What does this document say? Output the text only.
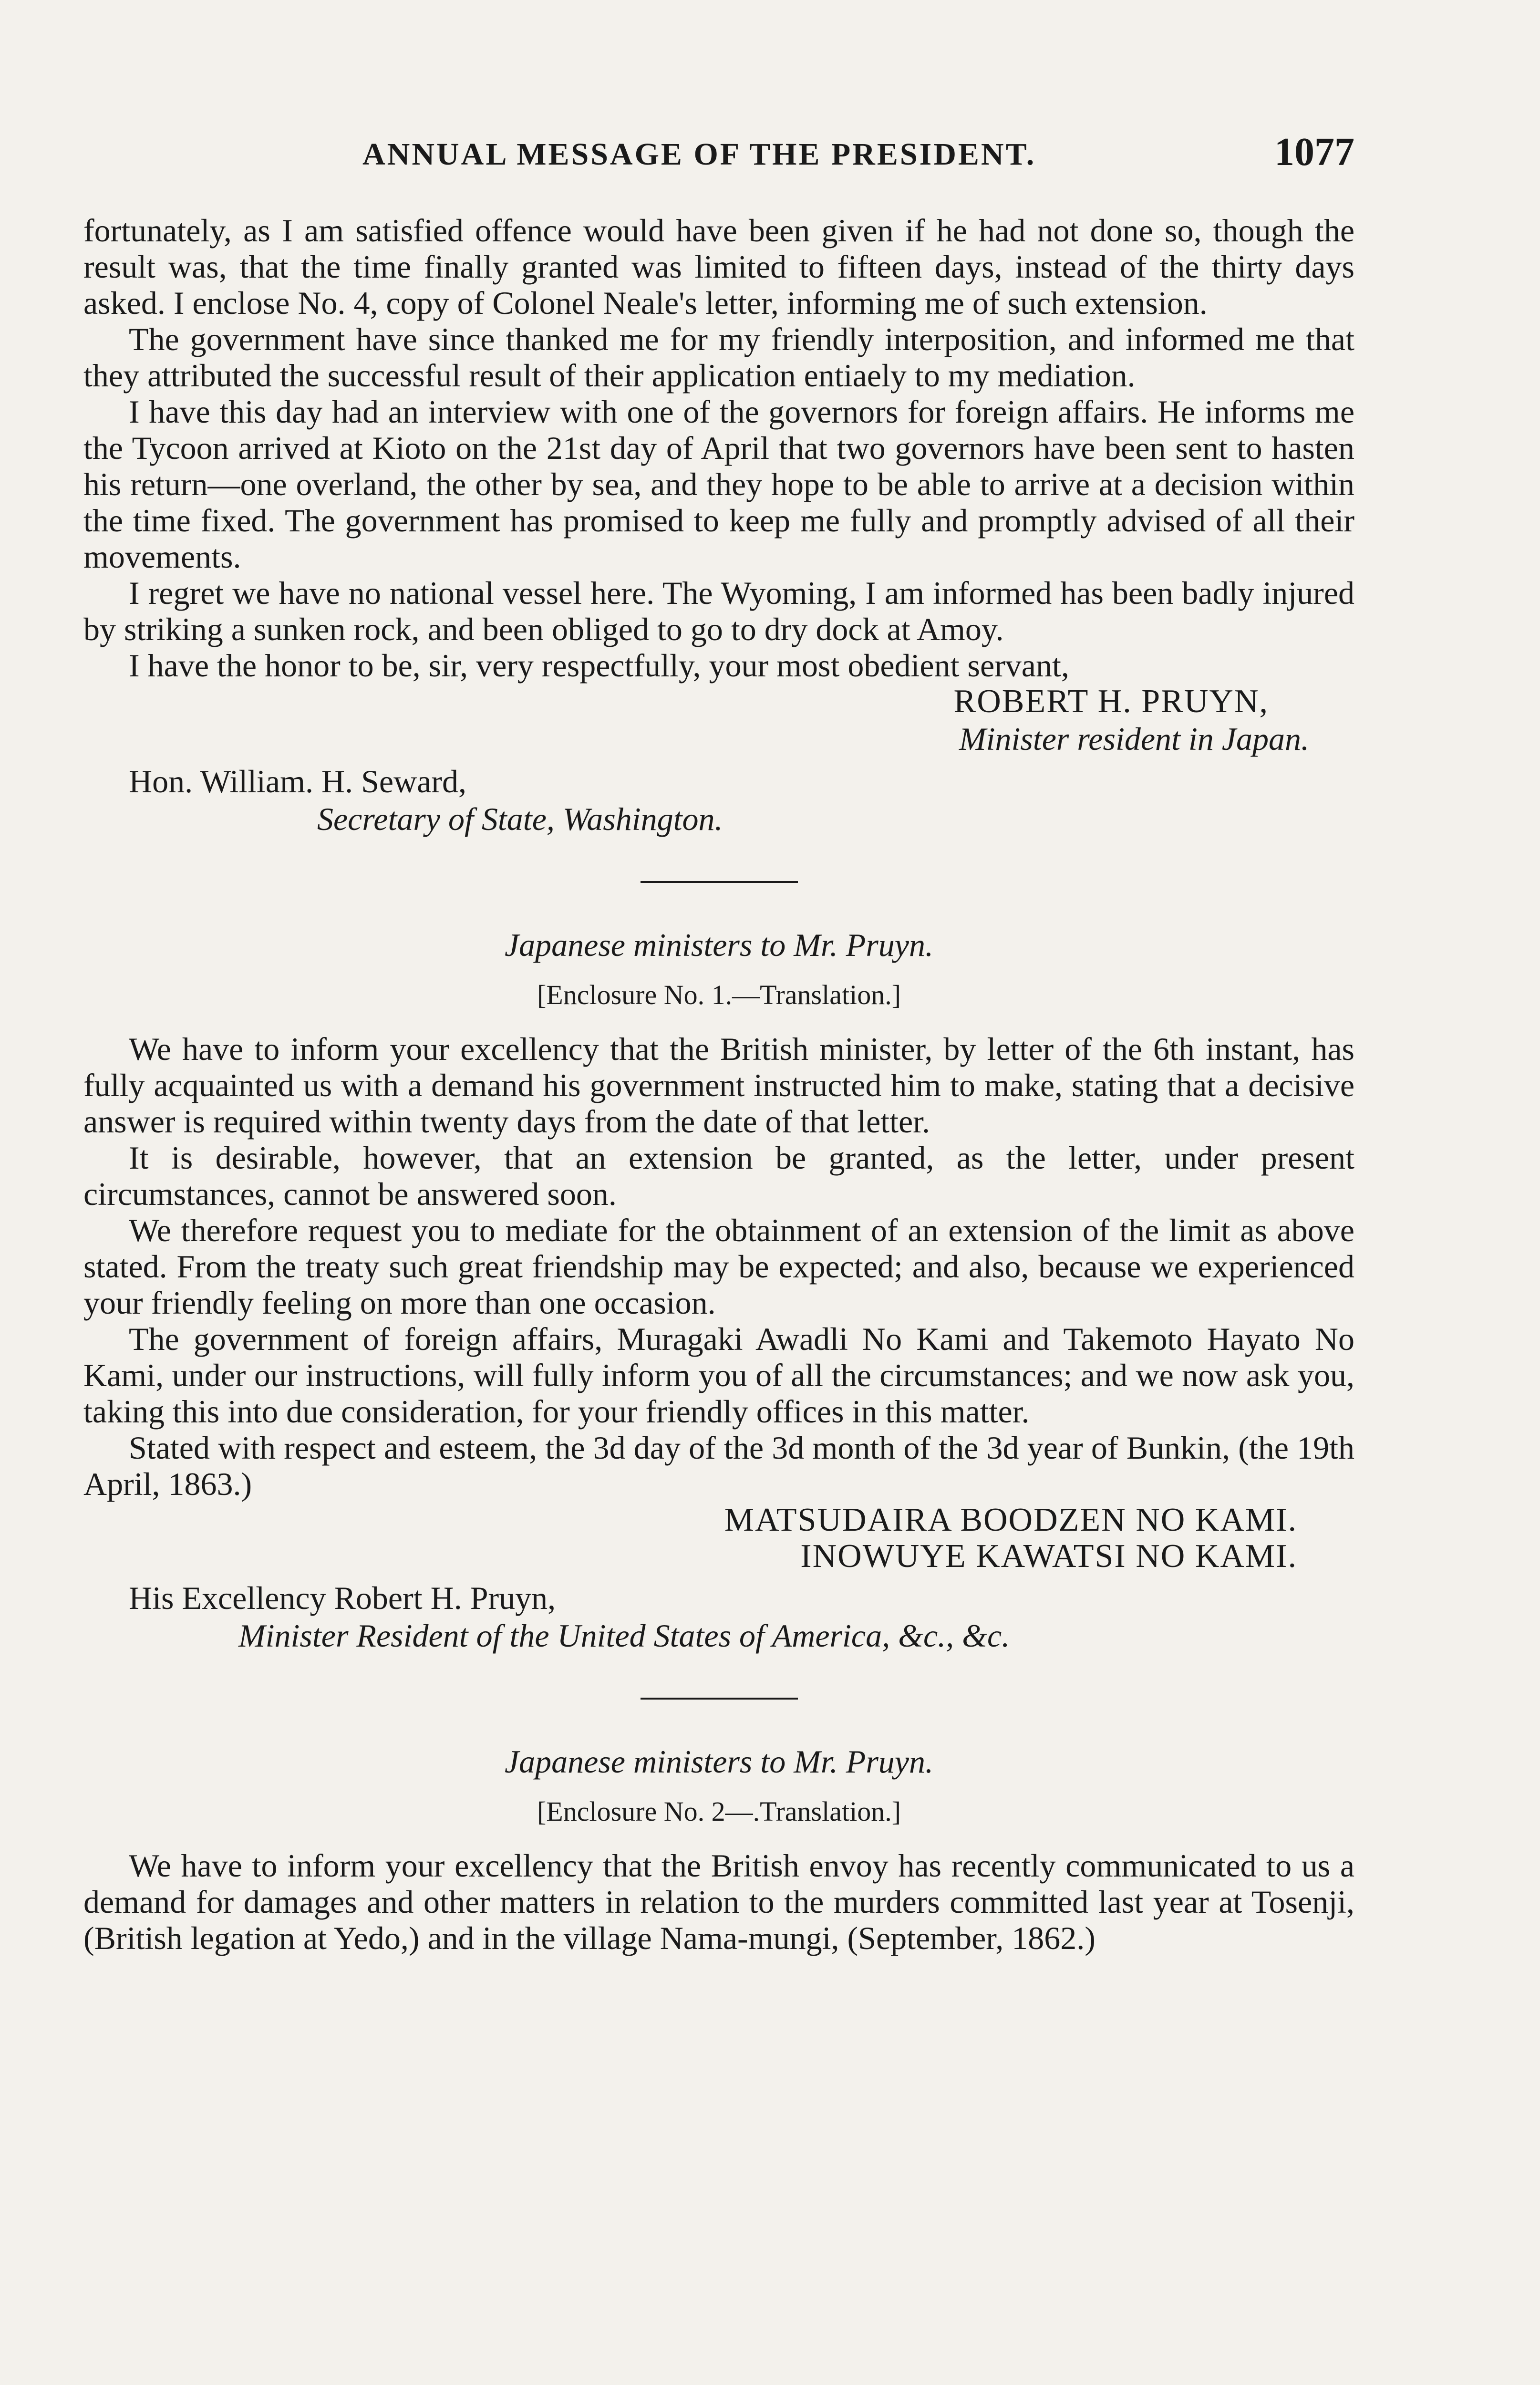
ANNUAL MESSAGE OF THE PRESIDENT.	1077

fortunately, as I am satisfied offence would have been given if he had not done so, though the result was, that the time finally granted was limited to fifteen days, instead of the thirty days asked. I enclose No. 4, copy of Colonel Neale's letter, informing me of such extension.

The government have since thanked me for my friendly interposition, and informed me that they attributed the successful result of their application entiaely to my mediation.

I have this day had an interview with one of the governors for foreign affairs. He informs me the Tycoon arrived at Kioto on the 21st day of April that two governors have been sent to hasten his return—one overland, the other by sea, and they hope to be able to arrive at a decision within the time fixed. The government has promised to keep me fully and promptly advised of all their movements.

I regret we have no national vessel here. The Wyoming, I am informed has been badly injured by striking a sunken rock, and been obliged to go to dry dock at Amoy.

I have the honor to be, sir, very respectfully, your most obedient servant,

ROBERT H. PRUYN,

Minister resident in Japan.

Hon. William. H. Seward,

Secretary of State, Washington.

Japanese ministers to Mr. Pruyn.

[Enclosure No. 1.—Translation.]

We have to inform your excellency that the British minister, by letter of the 6th instant, has fully acquainted us with a demand his government instructed him to make, stating that a decisive answer is required within twenty days from the date of that letter.

It is desirable, however, that an extension be granted, as the letter, under present circumstances, cannot be answered soon.

We therefore request you to mediate for the obtainment of an extension of the limit as above stated. From the treaty such great friendship may be expected; and also, because we experienced your friendly feeling on more than one occasion.

The government of foreign affairs, Muragaki Awadli No Kami and Takemoto Hayato No Kami, under our instructions, will fully inform you of all the circumstances; and we now ask you, taking this into due consideration, for your friendly offices in this matter.

Stated with respect and esteem, the 3d day of the 3d month of the 3d year of Bunkin, (the 19th April, 1863.)

MATSUDAIRA BOODZEN NO KAMI.

INOWUYE KAWATSI NO KAMI.

His Excellency Robert H. Pruyn,

Minister Resident of the United States of America, &c., &c.

Japanese ministers to Mr. Pruyn.

[Enclosure No. 2—.Translation.]

We have to inform your excellency that the British envoy has recently communicated to us a demand for damages and other matters in relation to the murders committed last year at Tosenji, (British legation at Yedo,) and in the village Nama-mungi, (September, 1862.)
